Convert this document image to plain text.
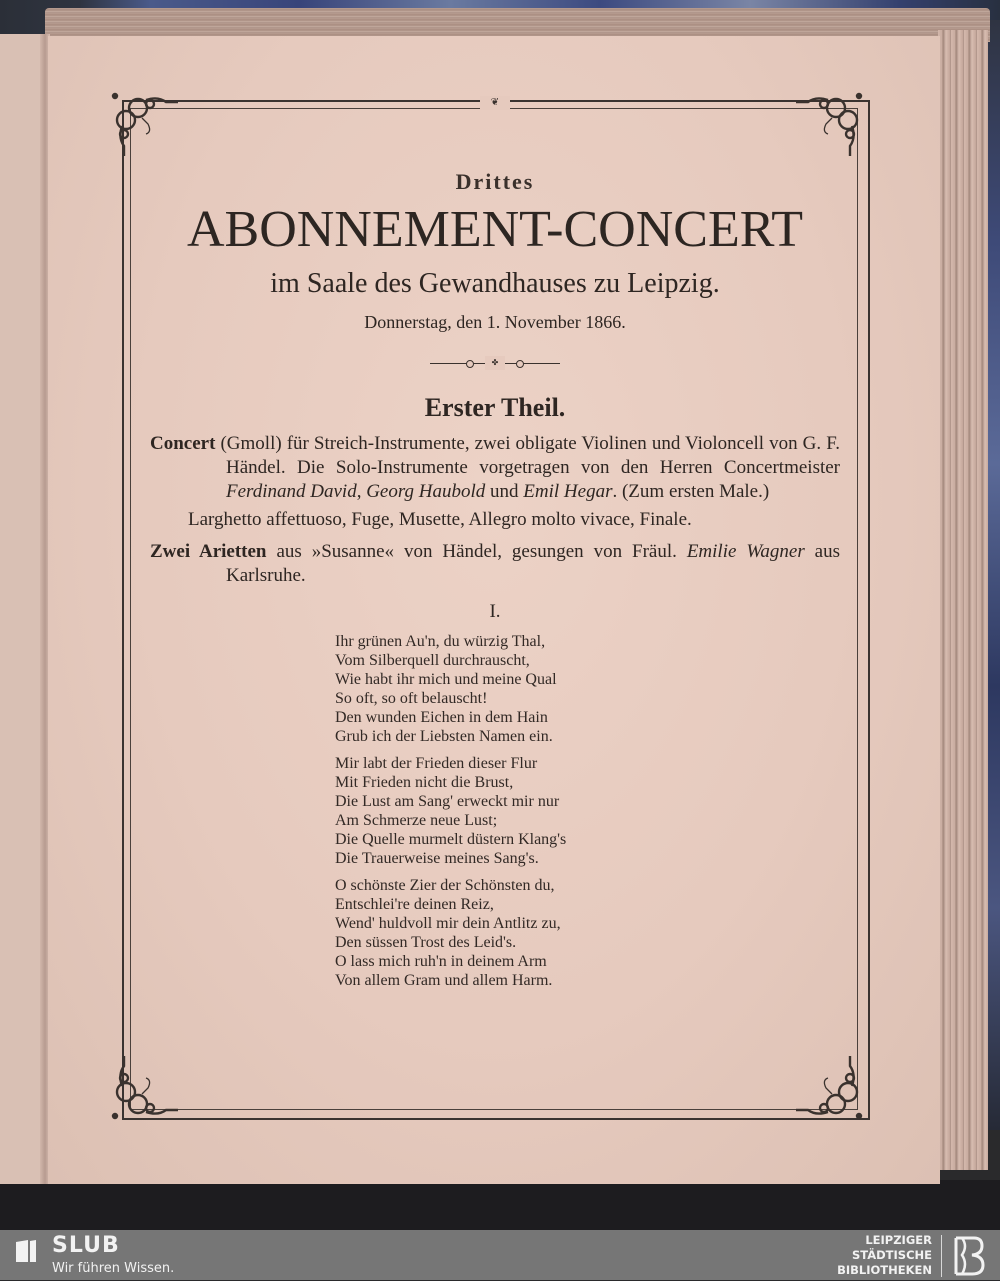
❦
Drittes
ABONNEMENT-CONCERT
im Saale des Gewandhauses zu Leipzig.
Donnerstag, den 1. November 1866.
✤
Erster Theil.
Concert (Gmoll) für Streich-Instrumente, zwei obligate Violinen und Violoncell von G. F. Händel. Die Solo-Instrumente vorgetragen von den Herren Concertmeister Ferdinand David, Georg Haubold und Emil Hegar. (Zum ersten Male.)
Larghetto affettuoso, Fuge, Musette, Allegro molto vivace, Finale.
Zwei Arietten aus »Susanne« von Händel, gesungen von Fräul. Emilie Wagner aus Karlsruhe.
I.
Ihr grünen Au'n, du würzig Thal,
Vom Silberquell durchrauscht,
Wie habt ihr mich und meine Qual
So oft, so oft belauscht!
Den wunden Eichen in dem Hain
Grub ich der Liebsten Namen ein.
Mir labt der Frieden dieser Flur
Mit Frieden nicht die Brust,
Die Lust am Sang' erweckt mir nur
Am Schmerze neue Lust;
Die Quelle murmelt düstern Klang's
Die Trauerweise meines Sang's.
O schönste Zier der Schönsten du,
Entschlei're deinen Reiz,
Wend' huldvoll mir dein Antlitz zu,
Den süssen Trost des Leid's.
O lass mich ruh'n in deinem Arm
Von allem Gram und allem Harm.
SLUB
Wir führen Wissen.
LEIPZIGER
STÄDTISCHE
BIBLIOTHEKEN
